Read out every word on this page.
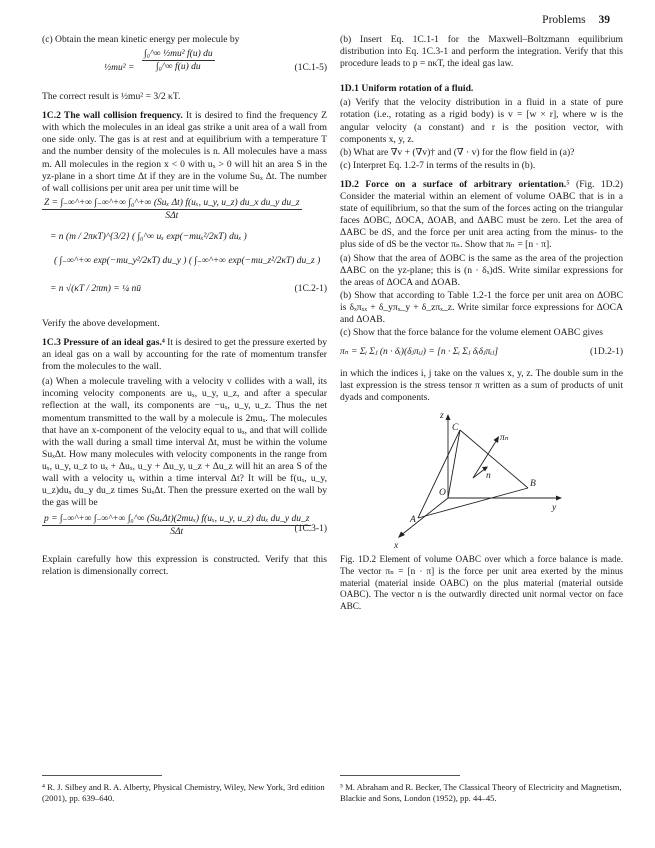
Problems 39

(c) Obtain the mean kinetic energy per molecule by

½mu² = $\frac{\text{∫₀\textasciicircum{}∞ ½mu² f(u) du}}{\text{∫₀\textasciicircum{}∞ f(u) du}}$	(1C.1-5)

The correct result is ½mu² = 3/2 κT.

1C.2 The wall collision frequency. It is desired to find the frequency Z with which the molecules in an ideal gas strike a unit area of a wall from one side only. The gas is at rest and at equilibrium with a temperature T and the number density of the molecules is n. All molecules have a mass m. All molecules in the region x < 0 with uₓ > 0 will hit an area S in the yz-plane in a short time Δt if they are in the volume Suₓ Δt. The number of wall collisions per unit area per unit time will be

Z = ∫₋∞^+∞ ∫₋∞^+∞ ∫₀^+∞ (Suₓ Δt) f(uₓ, u_y, u_z) du_x du_y du_z
SΔt
= n (m / 2πκT)^{3/2} ( ∫₀^∞ uₓ exp(−muₓ²/2κT) duₓ )
( ∫₋∞^+∞ exp(−mu_y²/2κT) du_y ) ( ∫₋∞^+∞ exp(−mu_z²/2κT) du_z )
= n √(κT / 2πm) = ¼ nū	(1C.2-1)

Verify the above development.

1C.3 Pressure of an ideal gas.⁴ It is desired to get the pressure exerted by an ideal gas on a wall by accounting for the rate of momentum transfer from the molecules to the wall.

(a) When a molecule traveling with a velocity v collides with a wall, its incoming velocity components are uₓ, u_y, u_z, and after a specular reflection at the wall, its components are −uₓ, u_y, u_z. Thus the net momentum transmitted to the wall by a molecule is 2muₓ. The molecules that have an x-component of the velocity equal to uₓ, and that will collide with the wall during a small time interval Δt, must be within the volume SuₓΔt. How many molecules with velocity components in the range from uₓ, u_y, u_z to uₓ + Δuₓ, u_y + Δu_y, u_z + Δu_z will hit an area S of the wall with a velocity uₓ within a time interval Δt? It will be f(uₓ, u_y, u_z)duₓ du_y du_z times SuₓΔt. Then the pressure exerted on the wall by the gas will be

p = ∫₋∞^+∞ ∫₋∞^+∞ ∫₀^∞ (SuₓΔt)(2muₓ) f(uₓ, u_y, u_z) duₓ du_y du_z
SΔt	(1C.3-1)

Explain carefully how this expression is constructed. Verify that this relation is dimensionally correct.

(b) Insert Eq. 1C.1-1 for the Maxwell–Boltzmann equilibrium distribution into Eq. 1C.3-1 and perform the integration. Verify that this procedure leads to p = nκT, the ideal gas law.

1D.1 Uniform rotation of a fluid.

(a) Verify that the velocity distribution in a fluid in a state of pure rotation (i.e., rotating as a rigid body) is v = [w × r], where w is the angular velocity (a constant) and r is the position vector, with components x, y, z.

(b) What are ∇v + (∇v)† and (∇ · v) for the flow field in (a)?

(c) Interpret Eq. 1.2-7 in terms of the results in (b).

1D.2 Force on a surface of arbitrary orientation.⁵ (Fig. 1D.2) Consider the material within an element of volume OABC that is in a state of equilibrium, so that the sum of the forces acting on the triangular faces ΔOBC, ΔOCA, ΔOAB, and ΔABC must be zero. Let the area of ΔABC be dS, and the force per unit area acting from the minus- to the plus side of dS be the vector πₙ. Show that πₙ = [n · π].

(a) Show that the area of ΔOBC is the same as the area of the projection ΔABC on the yz-plane; this is (n · δₓ)dS. Write similar expressions for the areas of ΔOCA and ΔOAB.

(b) Show that according to Table 1.2-1 the force per unit area on ΔOBC is δₓπₓₓ + δ_yπₓ_y + δ_zπₓ_z. Write similar force expressions for ΔOCA and ΔOAB.

(c) Show that the force balance for the volume element OABC gives

πₙ = Σᵢ Σⱼ (n · δᵢ)(δⱼπᵢⱼ) = [n · Σᵢ Σⱼ δᵢδⱼπᵢⱼ]	(1D.2-1)

in which the indices i, j take on the values x, y, z. The double sum in the last expression is the stress tensor π written as a sum of products of unit dyads and components.

z
C
πₙ
n
O
B
y
A
x

Fig. 1D.2 Element of volume OABC over which a force balance is made. The vector πₙ = [n · π] is the force per unit area exerted by the minus material (material inside OABC) on the plus material (material outside OABC). The vector n is the outwardly directed unit normal vector on face ABC.

⁴ R. J. Silbey and R. A. Alberty, Physical Chemistry, Wiley, New York, 3rd edition (2001), pp. 639–640.

⁵ M. Abraham and R. Becker, The Classical Theory of Electricity and Magnetism, Blackie and Sons, London (1952), pp. 44–45.
